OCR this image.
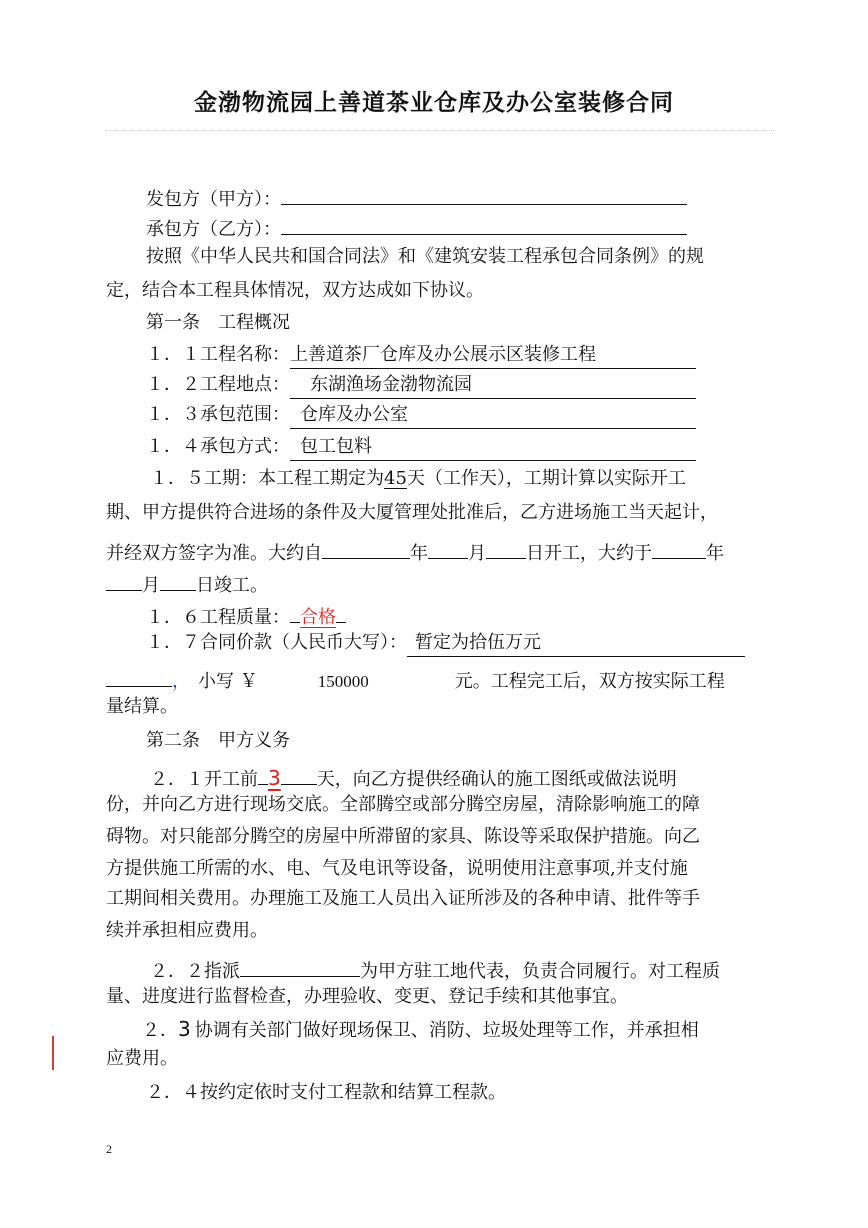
金渤物流园上善道茶业仓库及办公室装修合同
发包方（甲方）：
承包方（乙方）：
按照《中华人民共和国合同法》和《建筑安装工程承包合同条例》的规
定，结合本工程具体情况，双方达成如下协议。
第一条　工程概况
１．１工程名称：上善道茶厂仓库及办公展示区装修工程
１．２工程地点： 东湖渔场金渤物流园
１．３承包范围： 仓库及办公室
１．４承包方式： 包工包料
１．５工期：本工程工期定为45天（工作天），工期计算以实际开工
期、甲方提供符合进场的条件及大厦管理处批准后，乙方进场施工当天起计，
并经双方签字为准。大约自	年 月 日开工，大约于	年
月 日竣工。
１．６工程质量： 合格
１．７合同价款（人民币大写）： 暂定为拾伍万元
， 小写 ￥	150000	元。工程完工后，双方按实际工程
量结算。
第二条　甲方义务
２．１开工前 3 天，向乙方提供经确认的施工图纸或做法说明
份，并向乙方进行现场交底。全部腾空或部分腾空房屋，清除影响施工的障
碍物。对只能部分腾空的房屋中所滞留的家具、陈设等采取保护措施。向乙
方提供施工所需的水、电、气及电讯等设备，说明使用注意事项,并支付施
工期间相关费用。办理施工及施工人员出入证所涉及的各种申请、批件等手
续并承担相应费用。
２．２指派	为甲方驻工地代表，负责合同履行。对工程质
量、进度进行监督检查，办理验收、变更、登记手续和其他事宜。
２．3 协调有关部门做好现场保卫、消防、垃圾处理等工作，并承担相
应费用。
２．４按约定依时支付工程款和结算工程款。
2
